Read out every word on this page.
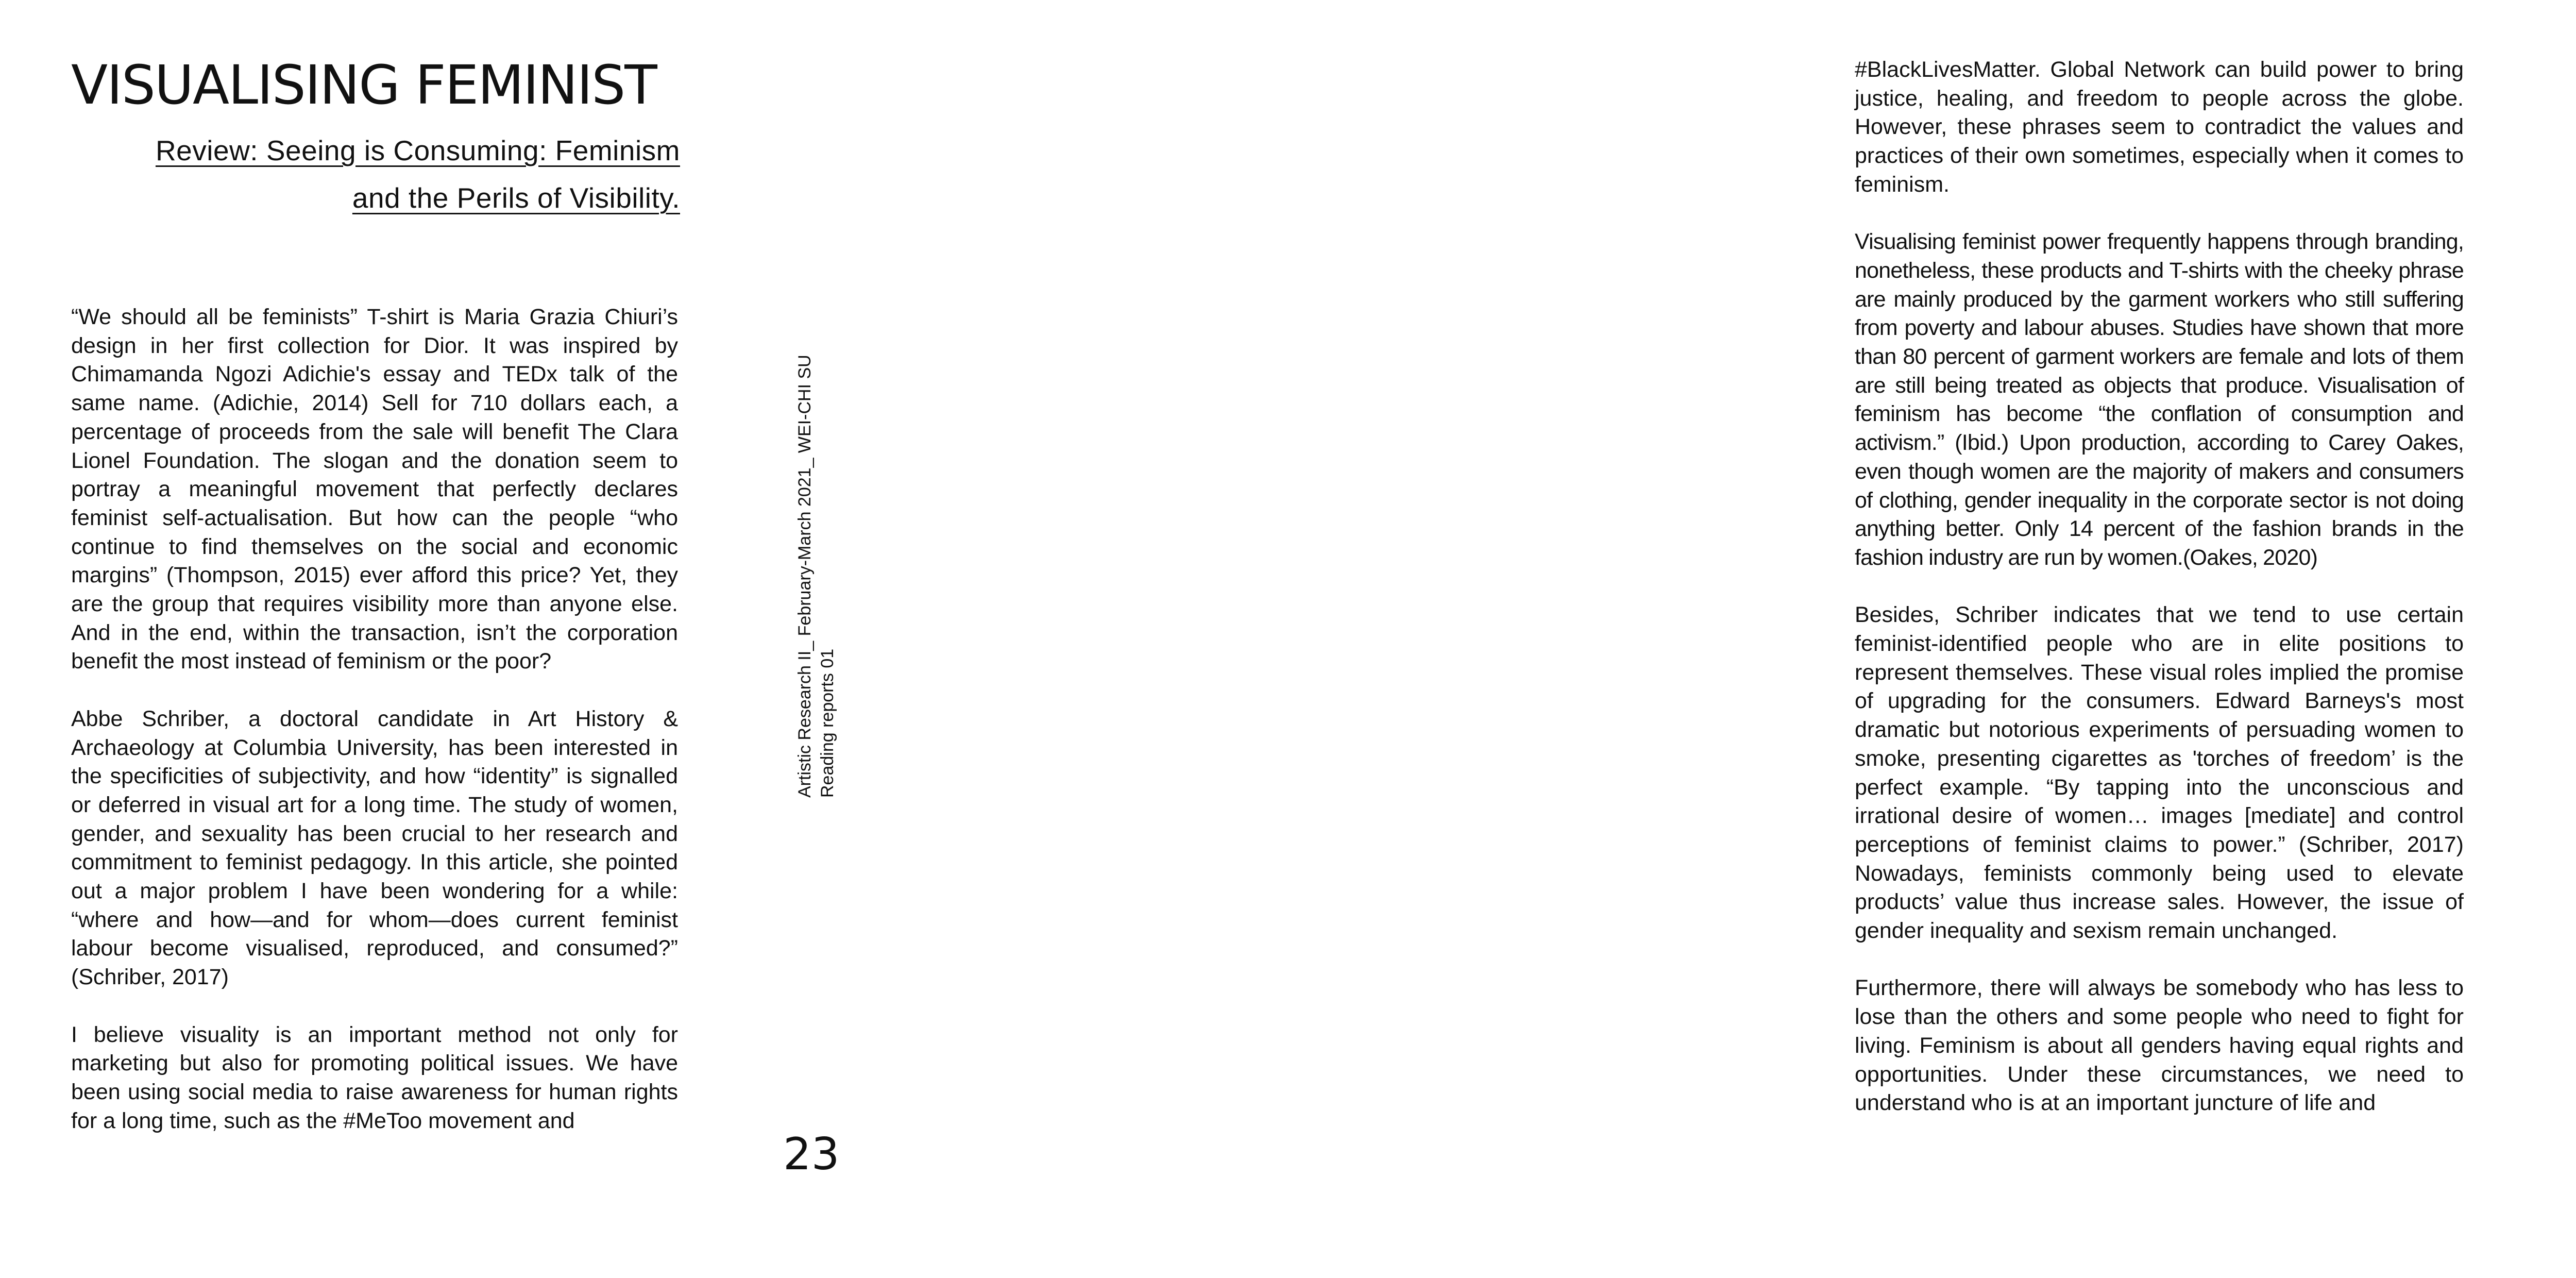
VISUALISING FEMINIST
Review: Seeing is Consuming: Feminism
and the Perils of Visibility.

“We should all be feminists” T-shirt is Maria Grazia Chiuri’s design in her first collection for Dior. It was inspired by Chimamanda Ngozi Adichie's essay and TEDx talk of the same name. (Adichie, 2014) Sell for 710 dollars each, a percentage of proceeds from the sale will benefit The Clara Lionel Foundation. The slogan and the donation seem to portray a meaningful movement that perfectly declares feminist self-actualisation. But how can the people “who continue to find themselves on the social and economic margins” (Thompson, 2015) ever afford this price? Yet, they are the group that requires visibility more than anyone else. And in the end, within the transaction, isn’t the corporation benefit the most instead of feminism or the poor?

Abbe Schriber, a doctoral candidate in Art History & Archaeology at Columbia University, has been interested in the specificities of subjectivity, and how “identity” is signalled or deferred in visual art for a long time. The study of women, gender, and sexuality has been crucial to her research and commitment to feminist pedagogy. In this article, she pointed out a major problem I have been wondering for a while: “where and how—and for whom—does current feminist labour become visualised, reproduced, and consumed?” (Schriber, 2017)

I believe visuality is an important method not only for marketing but also for promoting political issues. We have been using social media to raise awareness for human rights for a long time, such as the #MeToo movement and

Artistic Research II_ February-March 2021_ WEI-CHI SU Reading reports 01
23

#BlackLivesMatter. Global Network can build power to bring justice, healing, and freedom to people across the globe. However, these phrases seem to contradict the values and practices of their own sometimes, especially when it comes to feminism.

Visualising feminist power frequently happens through branding, nonetheless, these products and T-shirts with the cheeky phrase are mainly produced by the garment workers who still suffering from poverty and labour abuses. Studies have shown that more than 80 percent of garment workers are female and lots of them are still being treated as objects that produce. Visualisation of feminism has become “the conflation of consumption and activism.” (Ibid.) Upon production, according to Carey Oakes, even though women are the majority of makers and consumers of clothing, gender inequality in the corporate sector is not doing anything better. Only 14 percent of the fashion brands in the fashion industry are run by women.(Oakes, 2020)

Besides, Schriber indicates that we tend to use certain feminist-identified people who are in elite positions to represent themselves. These visual roles implied the promise of upgrading for the consumers. Edward Barneys's most dramatic but notorious experiments of persuading women to smoke, presenting cigarettes as 'torches of freedom’ is the perfect example. “By tapping into the unconscious and irrational desire of women… images [mediate] and control perceptions of feminist claims to power.” (Schriber, 2017) Nowadays, feminists commonly being used to elevate products’ value thus increase sales. However, the issue of gender inequality and sexism remain unchanged.

Furthermore, there will always be somebody who has less to lose than the others and some people who need to fight for living. Feminism is about all genders having equal rights and opportunities. Under these circumstances, we need to understand who is at an important juncture of life and
